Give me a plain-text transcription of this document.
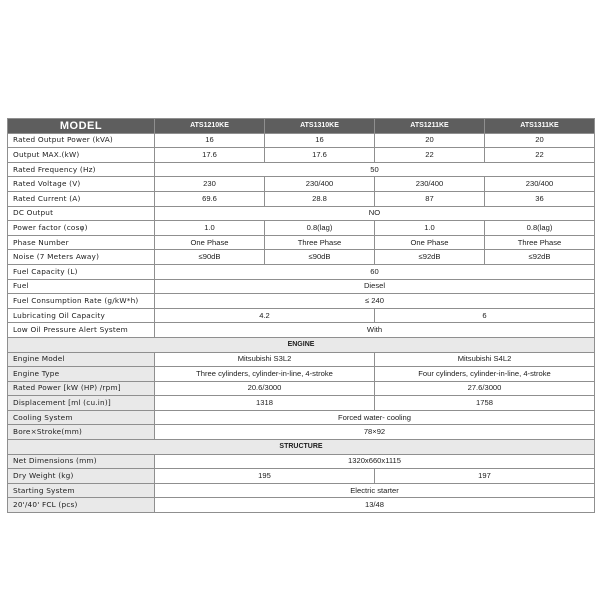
MODEL	ATS1210KE	ATS1310KE	ATS1211KE	ATS1311KE
Rated Output Power (kVA)	16	16	20	20
Output MAX.(kW)	17.6	17.6	22	22
Rated Frequency (Hz)	50			
Rated Voltage (V)	230	230/400	230/400	230/400
Rated Current (A)	69.6	28.8	87	36
DC Output	NO			
Power factor (cosφ)	1.0	0.8(lag)	1.0	0.8(lag)
Phase Number	One Phase	Three Phase	One Phase	Three Phase
Noise (7 Meters Away)	≤90dB	≤90dB	≤92dB	≤92dB
Fuel Capacity (L)	60			
Fuel	Diesel			
Fuel Consumption Rate (g/kW*h)	≤ 240			
Lubricating Oil Capacity	4.2		6	
Low Oil Pressure Alert System	With			
ENGINE				
Engine Model	Mitsubishi S3L2		Mitsubishi S4L2	
Engine Type	Three cylinders, cylinder-in-line, 4-stroke		Four cylinders, cylinder-in-line, 4-stroke	
Rated Power [kW (HP) /rpm]	20.6/3000		27.6/3000	
Displacement [ml (cu.in)]	1318		1758	
Cooling System	Forced water- cooling			
Bore×Stroke(mm)	78×92			
STRUCTURE				
Net Dimensions (mm)	1320x660x1115			
Dry Weight (kg)	195		197	
Starting System	Electric starter			
20'/40' FCL (pcs)	13/48			
